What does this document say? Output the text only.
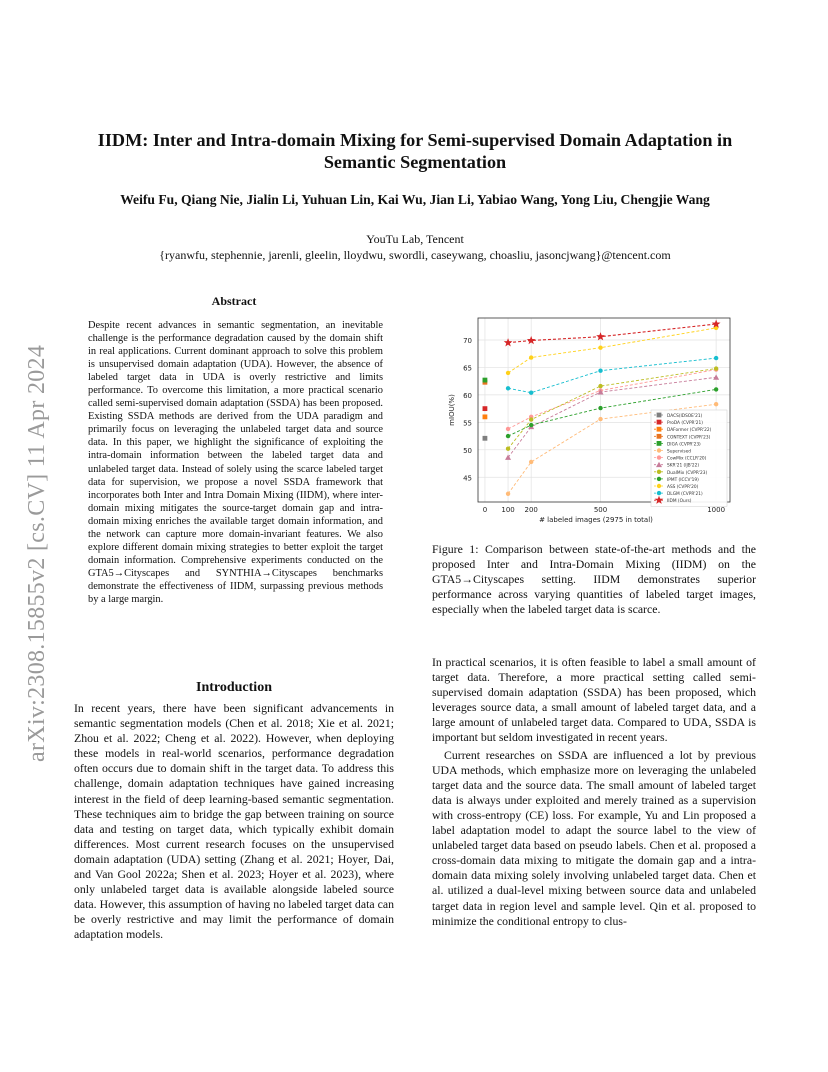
arXiv:2308.15855v2 [cs.CV] 11 Apr 2024
IIDM: Inter and Intra-domain Mixing for Semi-supervised Domain Adaptation in Semantic Segmentation
Weifu Fu, Qiang Nie, Jialin Li, Yuhuan Lin, Kai Wu, Jian Li, Yabiao Wang, Yong Liu, Chengjie Wang
YouTu Lab, Tencent
{ryanwfu, stephennie, jarenli, gleelin, lloydwu, swordli, caseywang, choasliu, jasoncjwang}@tencent.com
Abstract
Despite recent advances in semantic segmentation, an inevitable challenge is the performance degradation caused by the domain shift in real applications. Current dominant approach to solve this problem is unsupervised domain adaptation (UDA). However, the absence of labeled target data in UDA is overly restrictive and limits performance. To overcome this limitation, a more practical scenario called semi-supervised domain adaptation (SSDA) has been proposed. Existing SSDA methods are derived from the UDA paradigm and primarily focus on leveraging the unlabeled target data and source data. In this paper, we highlight the significance of exploiting the intra-domain information between the labeled target data and unlabeled target data. Instead of solely using the scarce labeled target data for supervision, we propose a novel SSDA framework that incorporates both Inter and Intra Domain Mixing (IIDM), where inter-domain mixing mitigates the source-target domain gap and intra-domain mixing enriches the available target domain information, and the network can capture more domain-invariant features. We also explore different domain mixing strategies to better exploit the target domain information. Comprehensive experiments conducted on the GTA5→Cityscapes and SYNTHIA→Cityscapes benchmarks demonstrate the effectiveness of IIDM, surpassing previous methods by a large margin.
Introduction

In recent years, there have been significant advancements in semantic segmentation models (Chen et al. 2018; Xie et al. 2021; Zhou et al. 2022; Cheng et al. 2022). However, when deploying these models in real-world scenarios, performance degradation often occurs due to domain shift in the target data. To address this challenge, domain adaptation techniques have gained increasing interest in the field of deep learning-based semantic segmentation. These techniques aim to bridge the gap between training on source data and testing on target data, which typically exhibit domain differences. Most current research focuses on the unsupervised domain adaptation (UDA) setting (Zhang et al. 2021; Hoyer, Dai, and Van Gool 2022a; Shen et al. 2023; Hoyer et al. 2023), where only unlabeled target data is available alongside labeled source data. However, this assumption of having no labeled target data can be overly restrictive and may limit the performance of domain adaptation models.

45
50
55
60
65
70
0 100 200	500	1000
# labeled images (2975 in total)
mIOU(%)	DACS(IDSOE'21)
ProDA (CVPR'21)
DAFormer (CVPR'22)
CONTEXT (CVPR'23)
DIGA (CVPR'23)
Supervised
CowMix (CCLR'20)
SKR'21 (IJB'22)
DualMix (CVPR'23)
IPMT (ICCV'19)
ASS (CVPR'20)
DLGM (CVPR'21)
IIDM (Ours)
Figure 1: Comparison between state-of-the-art methods and the proposed Inter and Intra-Domain Mixing (IIDM) on the GTA5→Cityscapes setting. IIDM demonstrates superior performance across varying quantities of labeled target images, especially when the labeled target data is scarce.

In practical scenarios, it is often feasible to label a small amount of target data. Therefore, a more practical setting called semi-supervised domain adaptation (SSDA) has been proposed, which leverages source data, a small amount of labeled target data, and a large amount of unlabeled target data. Compared to UDA, SSDA is important but seldom investigated in recent years.

Current researches on SSDA are influenced a lot by previous UDA methods, which emphasize more on leveraging the unlabeled target data and the source data. The small amount of labeled target data is always under exploited and merely trained as a supervision with cross-entropy (CE) loss. For example, Yu and Lin proposed a label adaptation model to adapt the source label to the view of unlabeled target data based on pseudo labels. Chen et al. proposed a cross-domain data mixing to mitigate the domain gap and a intra-domain data mixing solely involving unlabeled target data. Chen et al. utilized a dual-level mixing between source data and unlabeled target data in region level and sample level. Qin et al. proposed to minimize the conditional entropy to clus-
